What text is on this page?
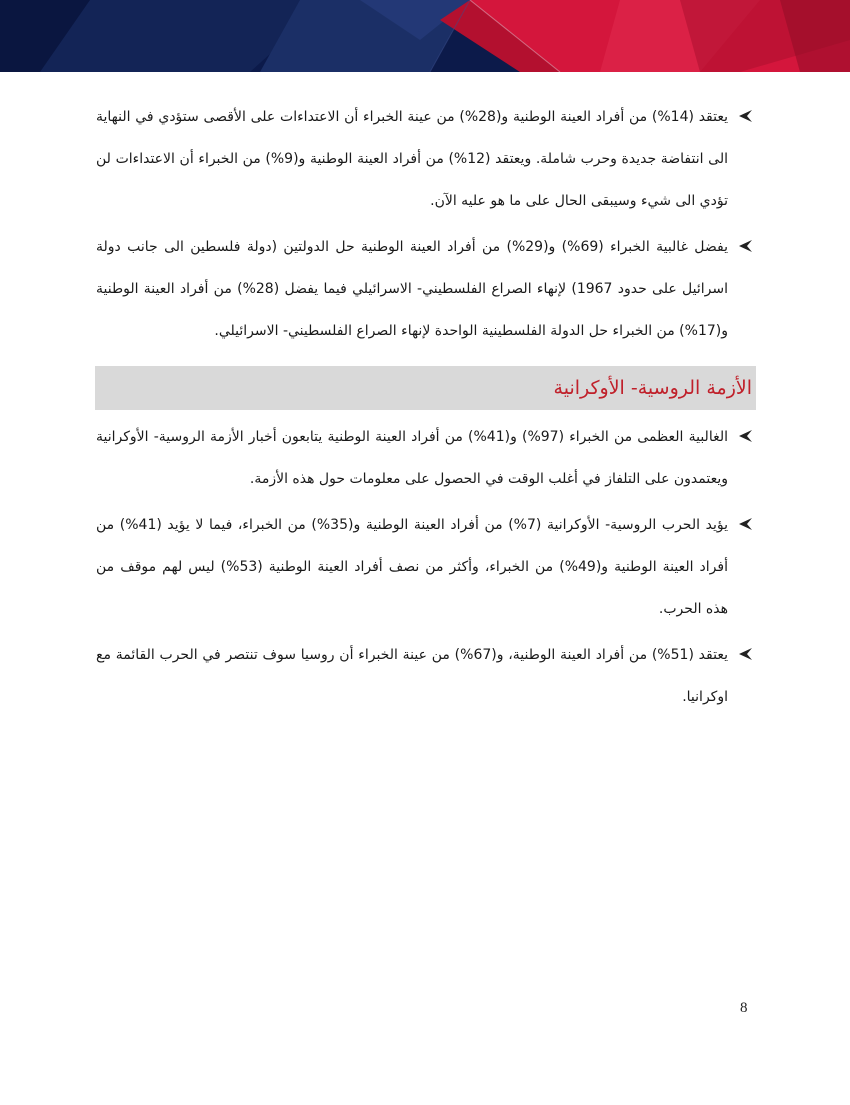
يعتقد (14%) من أفراد العينة الوطنية و(28%) من عينة الخبراء أن الاعتداءات على الأقصى ستؤدي في النهاية الى انتفاضة جديدة وحرب شاملة. ويعتقد (12%) من أفراد العينة الوطنية و(9%) من الخبراء أن الاعتداءات لن تؤدي الى شيء وسيبقى الحال على ما هو عليه الآن.

يفضل غالبية الخبراء (69%) و(29%) من أفراد العينة الوطنية حل الدولتين (دولة فلسطين الى جانب دولة اسرائيل على حدود 1967) لإنهاء الصراع الفلسطيني- الاسرائيلي فيما يفضل (28%) من أفراد العينة الوطنية و(17%) من الخبراء حل الدولة الفلسطينية الواحدة لإنهاء الصراع الفلسطيني- الاسرائيلي.

الأزمة الروسية- الأوكرانية

الغالبية العظمى من الخبراء (97%) و(41%) من أفراد العينة الوطنية يتابعون أخبار الأزمة الروسية- الأوكرانية ويعتمدون على التلفاز في أغلب الوقت في الحصول على معلومات حول هذه الأزمة.

يؤيد الحرب الروسية- الأوكرانية (7%) من أفراد العينة الوطنية و(35%) من الخبراء، فيما لا يؤيد (41%) من أفراد العينة الوطنية و(49%) من الخبراء، وأكثر من نصف أفراد العينة الوطنية (53%) ليس لهم موقف من هذه الحرب.

يعتقد (51%) من أفراد العينة الوطنية، و(67%) من عينة الخبراء أن روسيا سوف تنتصر في الحرب القائمة مع اوكرانيا.

8
